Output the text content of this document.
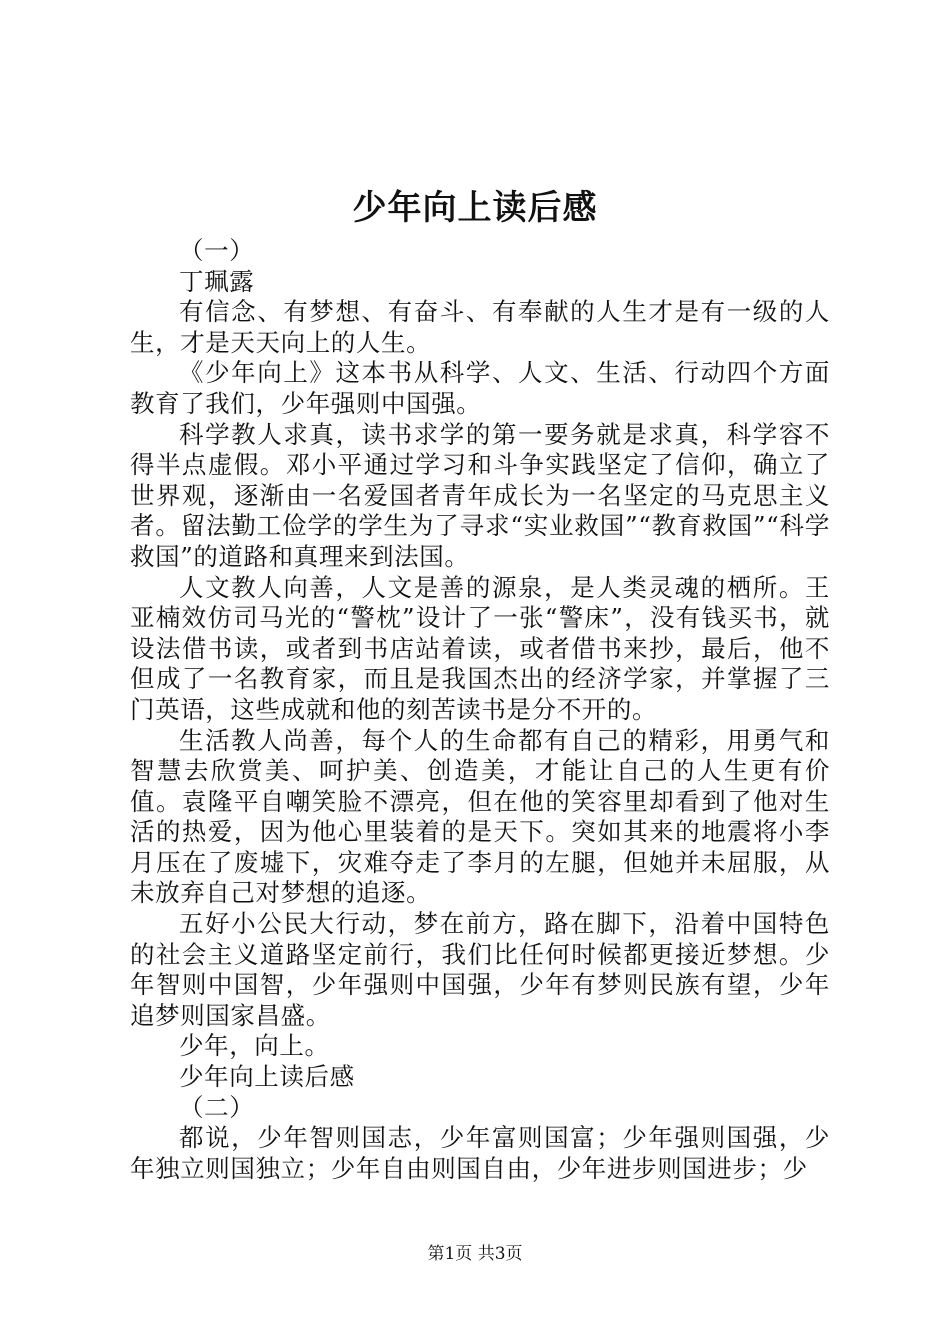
少年向上读后感

（一）

丁珮露

有信念、有梦想、有奋斗、有奉献的人生才是有一级的人生，才是天天向上的人生。

《少年向上》这本书从科学、人文、生活、行动四个方面教育了我们，少年强则中国强。

科学教人求真，读书求学的第一要务就是求真，科学容不得半点虚假。邓小平通过学习和斗争实践坚定了信仰，确立了世界观，逐渐由一名爱国者青年成长为一名坚定的马克思主义者。留法勤工俭学的学生为了寻求“实业救国”“教育救国”“科学救国”的道路和真理来到法国。

人文教人向善，人文是善的源泉，是人类灵魂的栖所。王亚楠效仿司马光的“警枕”设计了一张“警床”，没有钱买书，就设法借书读，或者到书店站着读，或者借书来抄，最后，他不但成了一名教育家，而且是我国杰出的经济学家，并掌握了三门英语，这些成就和他的刻苦读书是分不开的。

生活教人尚善，每个人的生命都有自己的精彩，用勇气和智慧去欣赏美、呵护美、创造美，才能让自己的人生更有价值。袁隆平自嘲笑脸不漂亮，但在他的笑容里却看到了他对生活的热爱，因为他心里装着的是天下。突如其来的地震将小李月压在了废墟下，灾难夺走了李月的左腿，但她并未屈服，从未放弃自己对梦想的追逐。

五好小公民大行动，梦在前方，路在脚下，沿着中国特色的社会主义道路坚定前行，我们比任何时候都更接近梦想。少年智则中国智，少年强则中国强，少年有梦则民族有望，少年追梦则国家昌盛。

少年，向上。

少年向上读后感

（二）

都说，少年智则国志，少年富则国富；少年强则国强，少年独立则国独立；少年自由则国自由，少年进步则国进步；少

第1页 共3页
